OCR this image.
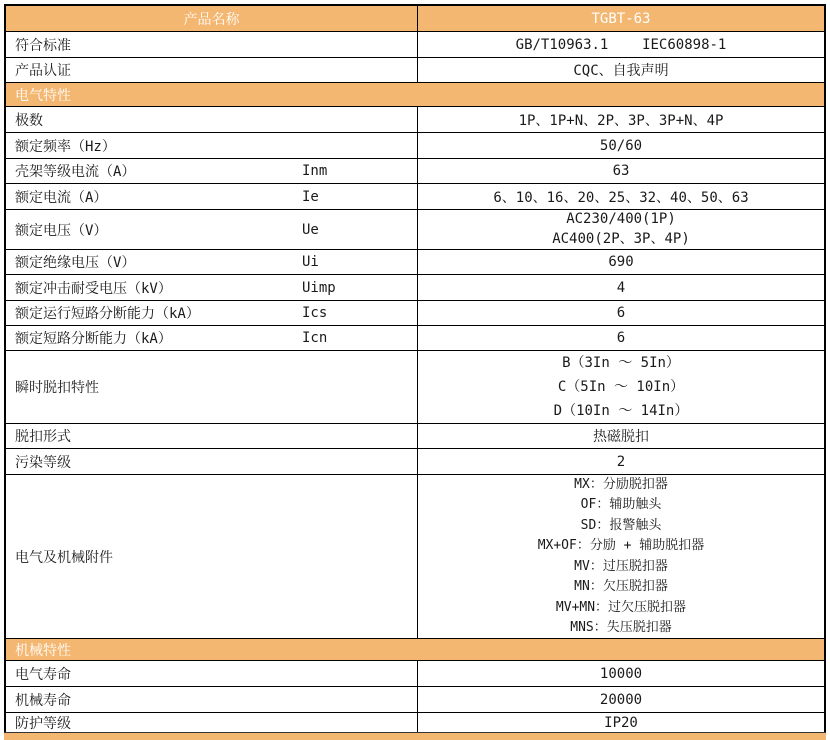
产品名称	TGBT-63
符合标准	GB/T10963.1    IEC60898-1
产品认证	CQC、自我声明
电气特性
极数	1P、1P+N、2P、3P、3P+N、4P
额定频率（Hz）	50/60
壳架等级电流（A）	Inm	63
额定电流（A）	Ie	6、10、16、20、25、32、40、50、63
额定电压（V）	Ue
AC230/400(1P)
AC400(2P、3P、4P)
额定绝缘电压（V）	Ui	690
额定冲击耐受电压（kV）	Uimp	4
额定运行短路分断能力（kA）	Ics	6
额定短路分断能力（kA）	Icn	6
瞬时脱扣特性
B（3In ～ 5In）
C（5In ～ 10In）
D（10In ～ 14In）
脱扣形式	热磁脱扣
污染等级	2
电气及机械附件
MX：分励脱扣器
OF：辅助触头
SD：报警触头
MX+OF：分励 + 辅助脱扣器
MV：过压脱扣器
MN：欠压脱扣器
MV+MN：过欠压脱扣器
MNS：失压脱扣器
机械特性
电气寿命	10000
机械寿命	20000
防护等级	IP20
